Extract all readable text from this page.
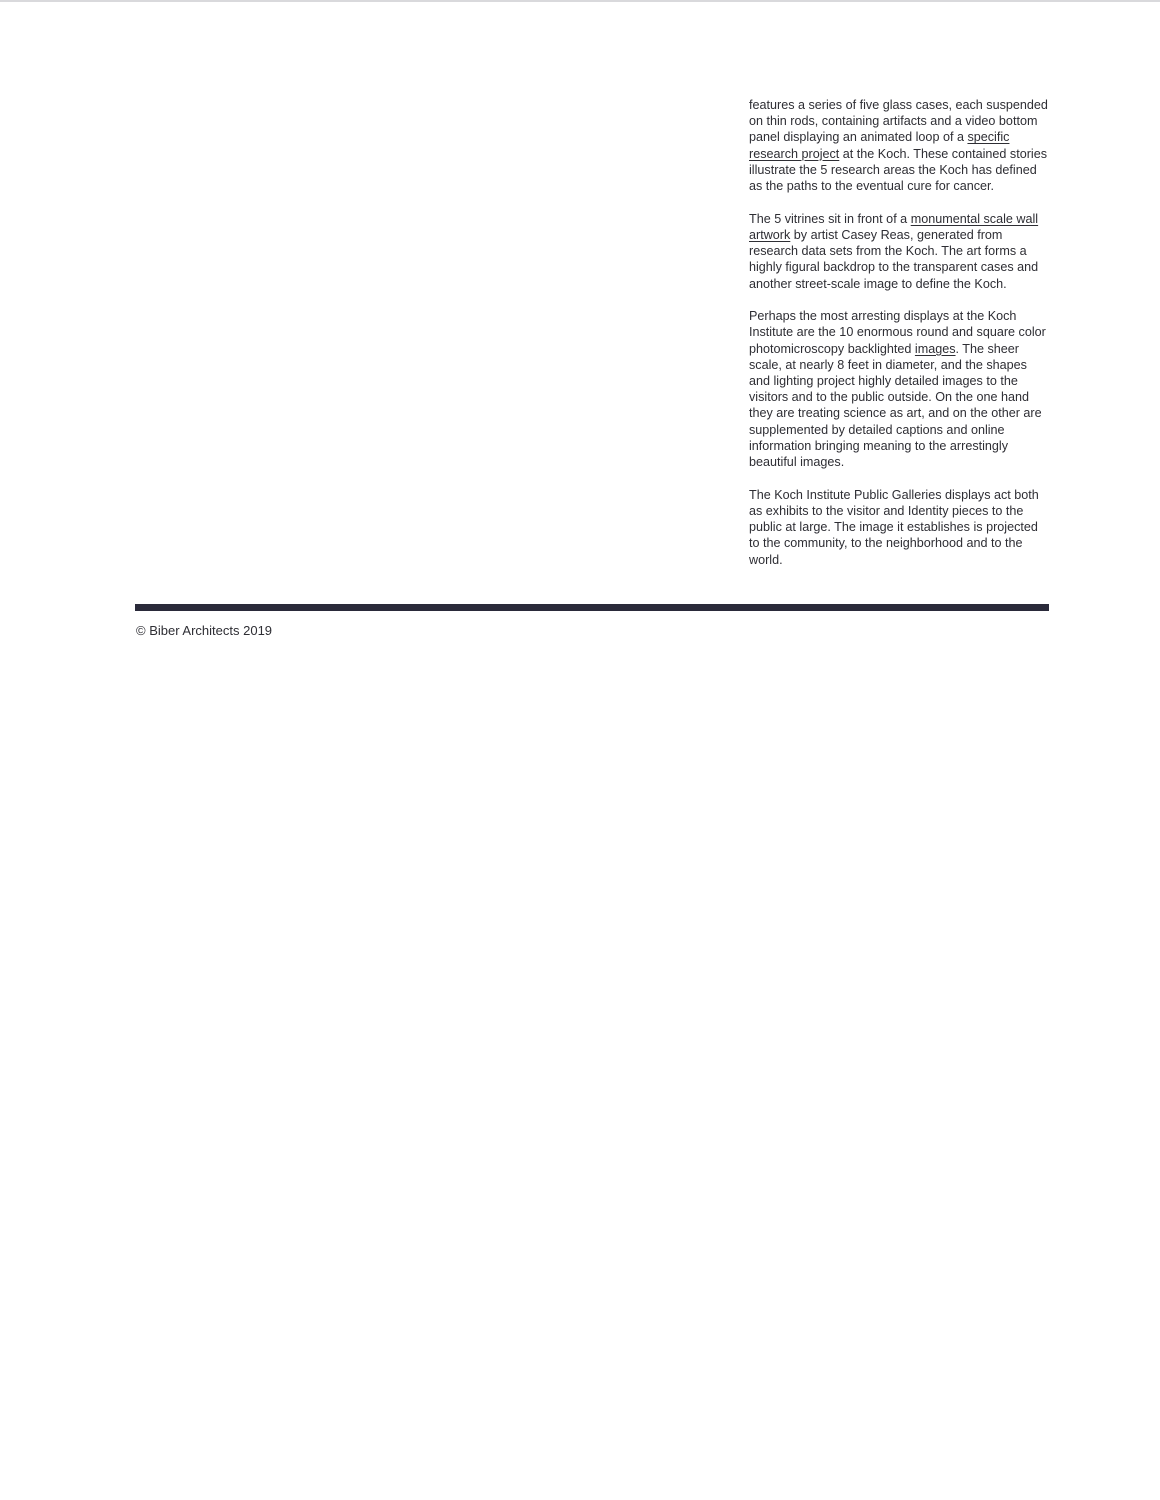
features a series of five glass cases, each suspended on thin rods, containing artifacts and a video bottom panel displaying an animated loop of a specific research project at the Koch. These contained stories illustrate the 5 research areas the Koch has defined as the paths to the eventual cure for cancer.

The 5 vitrines sit in front of a monumental scale wall artwork by artist Casey Reas, generated from research data sets from the Koch. The art forms a highly figural backdrop to the transparent cases and another street-scale image to define the Koch.

Perhaps the most arresting displays at the Koch Institute are the 10 enormous round and square color photomicroscopy backlighted images. The sheer scale, at nearly 8 feet in diameter, and the shapes and lighting project highly detailed images to the visitors and to the public outside. On the one hand they are treating science as art, and on the other are supplemented by detailed captions and online information bringing meaning to the arrestingly beautiful images.

The Koch Institute Public Galleries displays act both as exhibits to the visitor and Identity pieces to the public at large. The image it establishes is projected to the community, to the neighborhood and to the world.

© Biber Architects 2019
